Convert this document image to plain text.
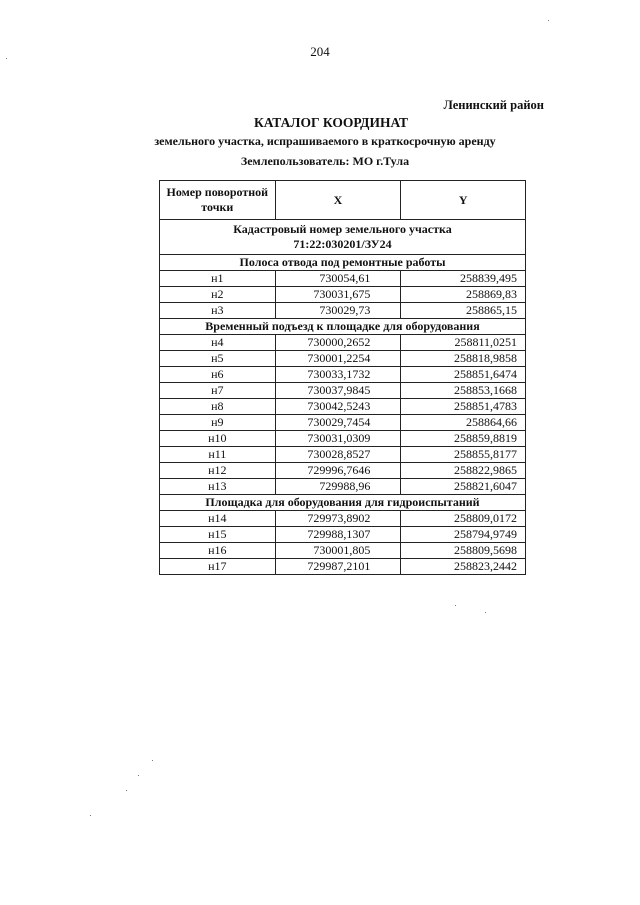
204
Ленинский район
КАТАЛОГ КООРДИНАТ
земельного участка, испрашиваемого в краткосрочную аренду
Землепользователь: МО г.Тула
Номер поворотной точки	X	Y

Кадастровый номер земельного участка
71:22:030201/ЗУ24		

Полоса отвода под ремонтные работы		
н1	730054,61	258839,495
н2	730031,675	258869,83
н3	730029,73	258865,15
Временный подъезд к площадке для оборудования		
н4	730000,2652	258811,0251
н5	730001,2254	258818,9858
н6	730033,1732	258851,6474
н7	730037,9845	258853,1668
н8	730042,5243	258851,4783
н9	730029,7454	258864,66
н10	730031,0309	258859,8819
н11	730028,8527	258855,8177
н12	729996,7646	258822,9865
н13	729988,96	258821,6047
Площадка для оборудования для гидроиспытаний		
н14	729973,8902	258809,0172
н15	729988,1307	258794,9749
н16	730001,805	258809,5698
н17	729987,2101	258823,2442
